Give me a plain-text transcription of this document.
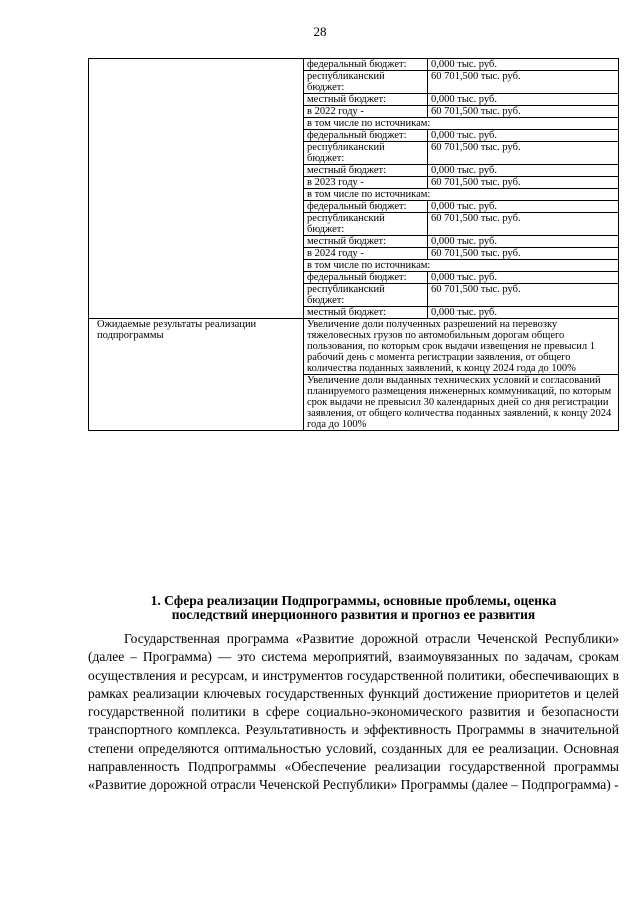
28
	федеральный бюджет:	0,000 тыс. руб.
	республиканский бюджет:	60 701,500 тыс. руб.
	местный бюджет:	0,000 тыс. руб.
	в 2022 году -	60 701,500 тыс. руб.
	в том числе по источникам:	
	федеральный бюджет:	0,000 тыс. руб.
	республиканский бюджет:	60 701,500 тыс. руб.
	местный бюджет:	0,000 тыс. руб.
	в 2023 году -	60 701,500 тыс. руб.
	в том числе по источникам:	
	федеральный бюджет:	0,000 тыс. руб.
	республиканский бюджет:	60 701,500 тыс. руб.
	местный бюджет:	0,000 тыс. руб.
	в 2024 году -	60 701,500 тыс. руб.
	в том числе по источникам:	
	федеральный бюджет:	0,000 тыс. руб.
	республиканский бюджет:	60 701,500 тыс. руб.
	местный бюджет:	0,000 тыс. руб.

Ожидаемые результаты реализации подпрограммы	Увеличение доли полученных разрешений на перевозку тяжеловесных грузов по автомобильным дорогам общего пользования, по которым срок выдачи извещения не превысил 1 рабочий день с момента регистрации заявления, от общего количества поданных заявлений, к концу 2024 года до 100%	
	Увеличение доли выданных технических условий и согласований планируемого размещения инженерных коммуникаций, по которым срок выдачи не превысил 30 календарных дней со дня регистрации заявления, от общего количества поданных заявлений, к концу 2024 года до 100%	
1. Сфера реализации Подпрограммы, основные проблемы, оценка
последствий инерционного развития и прогноз ее развития

Государственная программа «Развитие дорожной отрасли Чеченской Республики» (далее – Программа) — это система мероприятий, взаимоувязанных по задачам, срокам осуществления и ресурсам, и инструментов государственной политики, обеспечивающих в рамках реализации ключевых государственных функций достижение приоритетов и целей государственной политики в сфере социально-экономического развития и безопасности транспортного комплекса. Результативность и эффективность Программы в значительной степени определяются оптимальностью условий, созданных для ее реализации. Основная направленность Подпрограммы «Обеспечение реализации государственной программы «Развитие дорожной отрасли Чеченской Республики» Программы (далее – Подпрограмма) -
